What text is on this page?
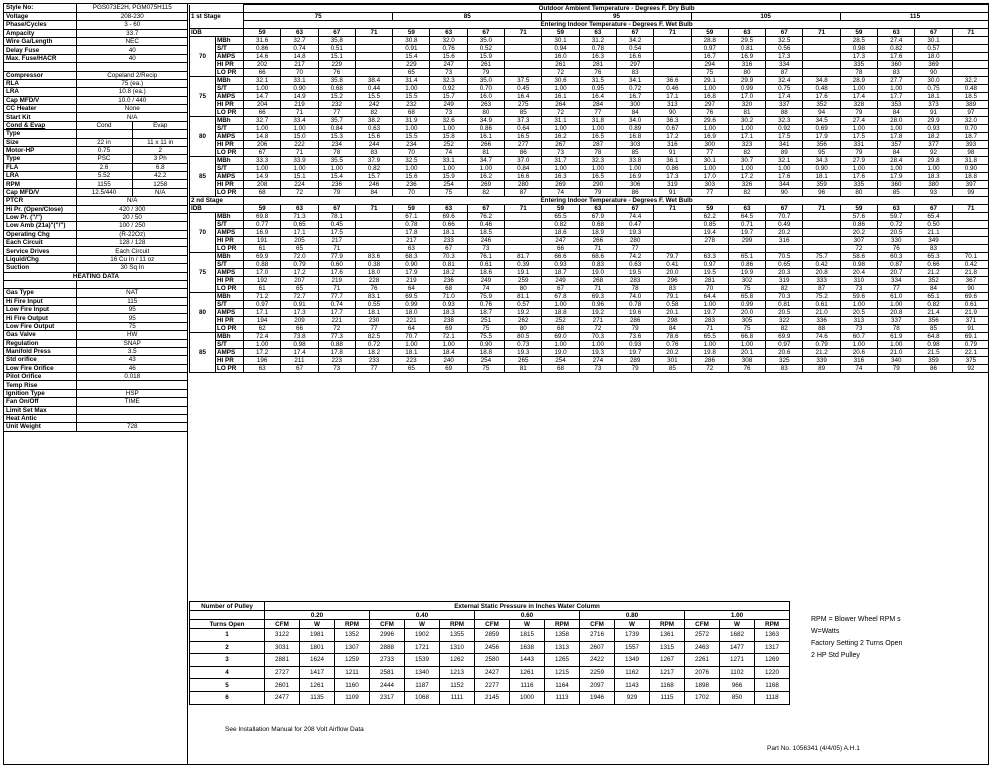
Style No:	PGS073E2H, PGM075H115	
Voltage	208-230	
Phase/Cycles	3 - 60	
Ampacity	33.7	
Wire Ga/Length	NEC	
Delay Fuse	40	
Max. Fuse/HACR	40	

Compressor	Copeland 2/Recip	
RLA	75 (ea.)	
LRA	10.8 (ea.)	
Cap MFD/V	10.0 / 440	
CC Heater	None	
Start Kit	N/A	
Cond & Evap	Cond	Evap
Type		
Size	22 in	11 x 11 in
Motor-HP	0.75	2
Type	PSC	3 Ph
FLA	2.6	6.8
LRA	5.52	42.2
RPM	1155	1258
Cap MFD/V	12.5/440	N/A
PTCR	N/A	
Hi Pr. (Open/Close)	420 / 300	
Low Pr. ("/")	20 / 50	
Low Amb (21a)"("/")	100 / 250	
Operating Chg	(R-22Oz)	
Each Circuit	128 / 128	
Service Drives	Each Circuit	
Liquid/Chg	16 Cu In / 11 oz	
Suction	30 Sq In	
HEATING DATA		

Gas Type	NAT	
Hi Fire Input	115	
Low Fire Input	95	
Hi Fire Output	95	
Low Fire Output	75	
Gas Valve	HW	
Regulation	SNAP	
Manifold Press	3.5	
Std orifice	43	
Low Fire Orifice	46	
Pilot Orifice	0.018	
Temp Rise		
Ignition Type	HSP	
Fan On/Off	TIME	
Limit Set Max		
Heat Antic		
Unit Weight	728	
		Outdoor Ambient Temperature - Degrees F. Dry Bulb																			
1 st Stage		75				85				95				105				115			
		Entering Indoor Temperature - Degrees F. Wet Bulb																			
IDB		59	63	67	71	59	63	67	71	59	63	67	71	59	63	67	71	59	63	67	71
70	MBh	31.6	32.7	35.8		30.8	32.0	35.0		30.1	31.2	34.2		28.8	29.5	32.5		28.5	27.4	30.1	
	S/T	0.86	0.74	0.51		0.91	0.76	0.52		0.94	0.78	0.54		0.97	0.81	0.56		0.98	0.82	0.57	
	AMPS	14.6	14.8	15.1		15.4	15.6	15.9		16.0	16.3	16.6		16.7	16.9	17.3		17.3	17.6	18.0	
	HI PR	202	217	229		229	247	261		261	281	297		294	316	334		335	360	369	
	LO PR	66	70	76		65	73	79		72	76	83		75	80	87		78	83	90	
75	MBh	32.1	33.1	35.8	38.4	31.4	32.3	35.0	37.5	30.6	31.5	34.1	36.6	29.1	29.9	32.4	34.8	28.9	27.7	30.0	32.2
	S/T	1.00	0.90	0.68	0.44	1.00	0.92	0.70	0.45	1.00	0.95	0.72	0.46	1.00	0.99	0.75	0.48	1.00	1.00	0.75	0.48
	AMPS	14.7	14.9	15.2	15.5	15.5	15.7	16.0	16.4	16.1	16.4	16.7	17.1	16.8	17.0	17.4	17.6	17.4	17.7	18.1	18.5
	HI PR	204	219	232	242	232	249	263	275	264	284	300	313	297	320	337	352	328	353	373	389
	LO PR	66	71	77	82	68	73	80	85	72	77	84	90	76	81	88	94	79	84	91	97
80	MBh	32.7	33.4	35.7	38.2	31.9	32.6	34.9	37.3	31.1	31.8	34.0	36.3	29.6	30.2	32.3	34.5	27.4	28.0	29.9	32.0
	S/T	1.00	1.00	0.84	0.63	1.00	1.00	0.86	0.64	1.00	1.00	0.89	0.67	1.00	1.00	0.92	0.69	1.00	1.00	0.93	0.70
	AMPS	14.8	15.0	15.3	15.6	15.5	15.8	16.1	16.5	16.2	16.5	16.8	17.2	16.9	17.1	17.5	17.9	17.5	17.8	18.2	18.7
	HI PR	206	222	234	244	234	252	266	277	267	287	303	316	300	323	341	356	331	357	377	393
	LO PR	67	71	78	83	70	74	81	86	73	78	85	91	77	82	89	95	79	84	92	98
85	MBh	33.3	33.9	35.5	37.9	32.5	33.1	34.7	37.0	31.7	32.3	33.8	36.1	30.1	30.7	32.1	34.3	27.9	28.4	29.8	31.8
	S/T	1.00	1.00	1.00	0.82	1.00	1.00	1.00	0.84	1.00	1.00	1.00	0.86	1.00	1.00	1.00	0.90	1.00	1.00	1.00	0.90
	AMPS	14.9	15.1	15.4	15.7	15.6	15.9	16.2	16.6	16.3	16.5	16.9	17.3	17.0	17.2	17.6	18.1	17.6	17.9	18.3	18.8
	HI PR	208	224	236	246	236	254	269	280	269	290	306	319	303	326	344	359	335	360	380	397
	LO PR	68	72	79	84	70	75	82	87	74	79	86	91	77	82	90	96	80	85	93	99
2 nd Stage		Entering Indoor Temperature - Degrees F. Wet Bulb																			
IDB		59	63	67	71	59	63	67	71	59	63	67	71	59	63	67	71	59	63	67	71
70	MBh	69.8	71.3	78.1		67.1	69.6	76.2		65.5	67.9	74.4		62.2	64.5	70.7		57.6	59.7	65.4	
	S/T	0.77	0.65	0.45		0.78	0.66	0.46		0.82	0.68	0.47		0.85	0.71	0.49		0.86	0.72	0.50	
	AMPS	16.9	17.1	17.5		17.8	18.1	18.5		18.6	18.9	19.3		19.4	19.7	20.2		20.2	20.5	21.1	
	HI PR	191	205	217		217	233	246		247	266	280		278	299	316		307	330	349	
	LO PR	61	65	71		63	67	73		66	71	77						72	76	83	
75	MBh	69.9	72.0	77.9	83.6	68.3	70.3	76.1	81.7	66.6	68.6	74.2	79.7	63.3	65.1	70.5	75.7	58.6	60.3	65.3	70.1
	S/T	0.88	0.79	0.60	0.38	0.90	0.81	0.61	0.39	0.93	0.83	0.63	0.41	0.97	0.86	0.65	0.42	0.98	0.87	0.66	0.42
	AMPS	17.0	17.2	17.6	18.0	17.9	18.2	18.6	19.1	18.7	19.0	19.5	20.0	19.5	19.9	20.3	20.8	20.4	20.7	21.2	21.8
	HI PR	192	207	219	228	219	236	249	259	249	268	283	296	281	302	319	333	310	334	352	367
	LO PR	61	65	71	76	64	68	74	80	67	71	78	83	70	75	82	87	73	77	84	90
80	MBh	71.2	72.7	77.7	83.1	69.5	71.0	75.9	81.1	67.8	69.3	74.0	79.1	64.4	65.8	70.3	75.2	59.6	61.0	65.1	69.6
	S/T	0.97	0.91	0.74	0.55	0.99	0.93	0.76	0.57	1.00	0.96	0.78	0.58	1.00	0.99	0.81	0.61	1.00	1.00	0.82	0.61
	AMPS	17.1	17.3	17.7	18.1	18.0	18.3	18.7	19.2	18.8	19.2	19.6	20.1	19.7	20.0	20.5	21.0	20.5	20.8	21.4	21.9
	HI PR	194	209	221	230	221	238	251	262	252	271	286	298	283	305	322	336	313	337	356	371
	LO PR	62	66	72	77	64	69	75	80	68	72	79	84	71	75	82	88	73	78	85	91
85	MBh	72.4	73.8	77.3	82.5	70.7	72.1	75.5	80.5	69.0	70.3	73.6	78.6	65.5	66.8	69.9	74.6	60.7	61.9	64.8	69.1
	S/T	1.00	0.98	0.88	0.72	1.00	1.00	0.90	0.73	1.00	1.00	0.93	0.76	1.00	1.00	0.97	0.79	1.00	1.00	0.98	0.79
	AMPS	17.2	17.4	17.8	18.2	18.1	18.4	18.8	19.3	19.0	19.3	19.7	20.2	19.8	20.1	20.6	21.2	20.6	21.0	21.5	22.1
	HI PR	196	211	223	233	223	240	254	265	254	274	289	301	286	308	325	339	316	340	359	375
	LO PR	63	67	73	77	65	69	75	81	68	73	79	85	72	76	83	89	74	79	86	92
Number of Pulley	External Static Pressure in Inches Water Column														
	0.20			0.40			0.60			0.80			1.00		
Turns Open	CFM	W	RPM	CFM	W	RPM	CFM	W	RPM	CFM	W	RPM	CFM	W	RPM
1	3122	1981	1352	2996	1902	1355	2859	1815	1358	2716	1739	1361	2572	1682	1363
2	3031	1801	1307	2888	1721	1310	2456	1638	1313	2607	1557	1315	2463	1477	1317
3	2881	1624	1259	2733	1539	1262	2580	1443	1265	2422	1349	1267	2261	1271	1269
4	2727	1417	1211	2581	1340	1213	2427	1261	1215	2259	1162	1217	2076	1102	1220
5	2601	1261	1160	2444	1187	1152	2277	1116	1164	2097	1143	1168	1898	966	1168
6	2477	1135	1109	2317	1068	1111	2145	1000	1113	1946	929	1115	1702	850	1118
RPM = Blower Wheel RPM s
W=Watts
Factory Setting 2 Turns Open
2 HP Std Pulley
See Installation Manual for 208 Volt Airflow Data
Part No. 1056341 (4/4/05) A.H.1
